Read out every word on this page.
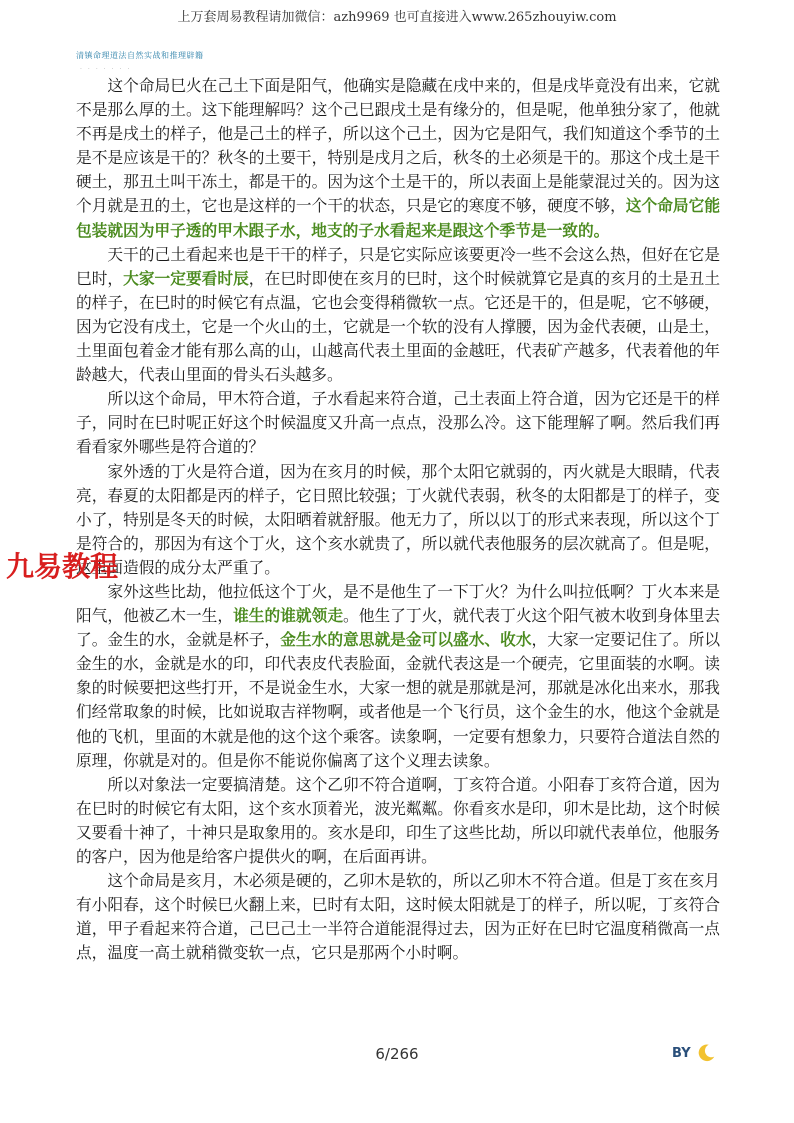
上万套周易教程请加微信：azh9969 也可直接进入www.265zhouyiw.com
清镇命理道法自然实战和推理辟籍
.......

这个命局巳火在己土下面是阳气，他确实是隐藏在戌中来的，但是戌毕竟没有出来，它就不是那么厚的土。这下能理解吗？这个己巳跟戌土是有缘分的，但是呢，他单独分家了，他就不再是戌土的样子，他是己土的样子，所以这个己土，因为它是阳气，我们知道这个季节的土是不是应该是干的？秋冬的土要干，特别是戌月之后，秋冬的土必须是干的。那这个戌土是干硬土，那丑土叫干冻土，都是干的。因为这个土是干的，所以表面上是能蒙混过关的。因为这个月就是丑的土，它也是这样的一个干的状态，只是它的寒度不够，硬度不够，这个命局它能包装就因为甲子透的甲木跟子水，地支的子水看起来是跟这个季节是一致的。

天干的己土看起来也是干干的样子，只是它实际应该要更冷一些不会这么热，但好在它是巳时，大家一定要看时辰，在巳时即使在亥月的巳时，这个时候就算它是真的亥月的土是丑土的样子，在巳时的时候它有点温，它也会变得稍微软一点。它还是干的，但是呢，它不够硬，因为它没有戌土，它是一个火山的土，它就是一个软的没有人撑腰，因为金代表硬，山是土，土里面包着金才能有那么高的山，山越高代表土里面的金越旺，代表矿产越多，代表着他的年龄越大，代表山里面的骨头石头越多。

所以这个命局，甲木符合道，子水看起来符合道，己土表面上符合道，因为它还是干的样子，同时在巳时呢正好这个时候温度又升高一点点，没那么冷。这下能理解了啊。然后我们再看看家外哪些是符合道的？

家外透的丁火是符合道，因为在亥月的时候，那个太阳它就弱的，丙火就是大眼睛，代表亮，春夏的太阳都是丙的样子，它日照比较强；丁火就代表弱，秋冬的太阳都是丁的样子，变小了，特别是冬天的时候，太阳晒着就舒服。他无力了，所以以丁的形式来表现，所以这个丁是符合的，那因为有这个丁火，这个亥水就贵了，所以就代表他服务的层次就高了。但是呢，这里面造假的成分太严重了。

家外这些比劫，他拉低这个丁火，是不是他生了一下丁火？为什么叫拉低啊？丁火本来是阳气，他被乙木一生，谁生的谁就领走。他生了丁火，就代表丁火这个阳气被木收到身体里去了。金生的水，金就是杯子，金生水的意思就是金可以盛水、收水，大家一定要记住了。所以金生的水，金就是水的印，印代表皮代表脸面，金就代表这是一个硬壳，它里面装的水啊。读象的时候要把这些打开，不是说金生水，大家一想的就是那就是河，那就是冰化出来水，那我们经常取象的时候，比如说取吉祥物啊，或者他是一个飞行员，这个金生的水，他这个金就是他的飞机，里面的木就是他的这个这个乘客。读象啊，一定要有想象力，只要符合道法自然的原理，你就是对的。但是你不能说你偏离了这个义理去读象。

所以对象法一定要搞清楚。这个乙卯不符合道啊，丁亥符合道。小阳春丁亥符合道，因为在巳时的时候它有太阳，这个亥水顶着光，波光粼粼。你看亥水是印，卯木是比劫，这个时候又要看十神了，十神只是取象用的。亥水是印，印生了这些比劫，所以印就代表单位，他服务的客户，因为他是给客户提供火的啊，在后面再讲。

这个命局是亥月，木必须是硬的，乙卯木是软的，所以乙卯木不符合道。但是丁亥在亥月有小阳春，这个时候巳火翻上来，巳时有太阳，这时候太阳就是丁的样子，所以呢，丁亥符合道，甲子看起来符合道，己巳己土一半符合道能混得过去，因为正好在巳时它温度稍微高一点点，温度一高土就稍微变软一点，它只是那两个小时啊。

九易教程
6/266	BY
